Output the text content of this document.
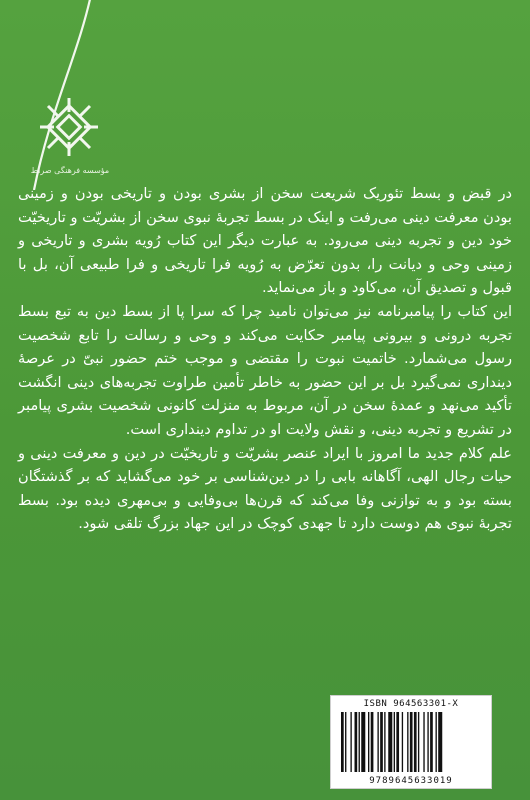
مؤسسه فرهنگی صراط

در قبض و بسط تئوریک شریعت سخن از بشری بودن و تاریخی بودن و زمینی بودن معرفت دینی می‌رفت و اینک در بسط تجربهٔ نبوی سخن از بشریّت و تاریخیّت خود دین و تجربه دینی می‌رود. به عبارت دیگر این کتاب رُویه بشری و تاریخی و زمینی وحی و دیانت را، بدون تعرّض به رُویه فرا تاریخی و فرا طبیعی آن، بل با قبول و تصدیق آن، می‌کاود و باز می‌نماید.

این کتاب را پیامبرنامه نیز می‌توان نامید چرا که سرا پا از بسط دین به تبع بسط تجربه درونی و بیرونی پیامبر حکایت می‌کند و وحی و رسالت را تابع شخصیت رسول می‌شمارد. خاتمیت نبوت را مقتضی و موجب ختم حضور نبیّ در عرصهٔ دینداری نمی‌گیرد بل بر این حضور به خاطر تأمین طراوت تجربه‌های دینی انگشت تأکید می‌نهد و عمدهٔ سخن در آن، مربوط به منزلت کانونی شخصیت بشری پیامبر در تشریع و تجربه دینی، و نقش ولایت او در تداوم دینداری است.

علم کلام جدید ما امروز با ایراد عنصر بشریّت و تاریخیّت در دین و معرفت دینی و حیات رجال الهی، آگاهانه بابی را در دین‌شناسی بر خود می‌گشاید که بر گذشتگان بسته بود و به توازنی وفا می‌کند که قرن‌ها بی‌وفایی و بی‌مهری دیده بود. بسط تجربهٔ نبوی هم دوست دارد تا جهدی کوچک در این جهاد بزرگ تلقی شود.

ISBN 964563301-X
9789645633019
